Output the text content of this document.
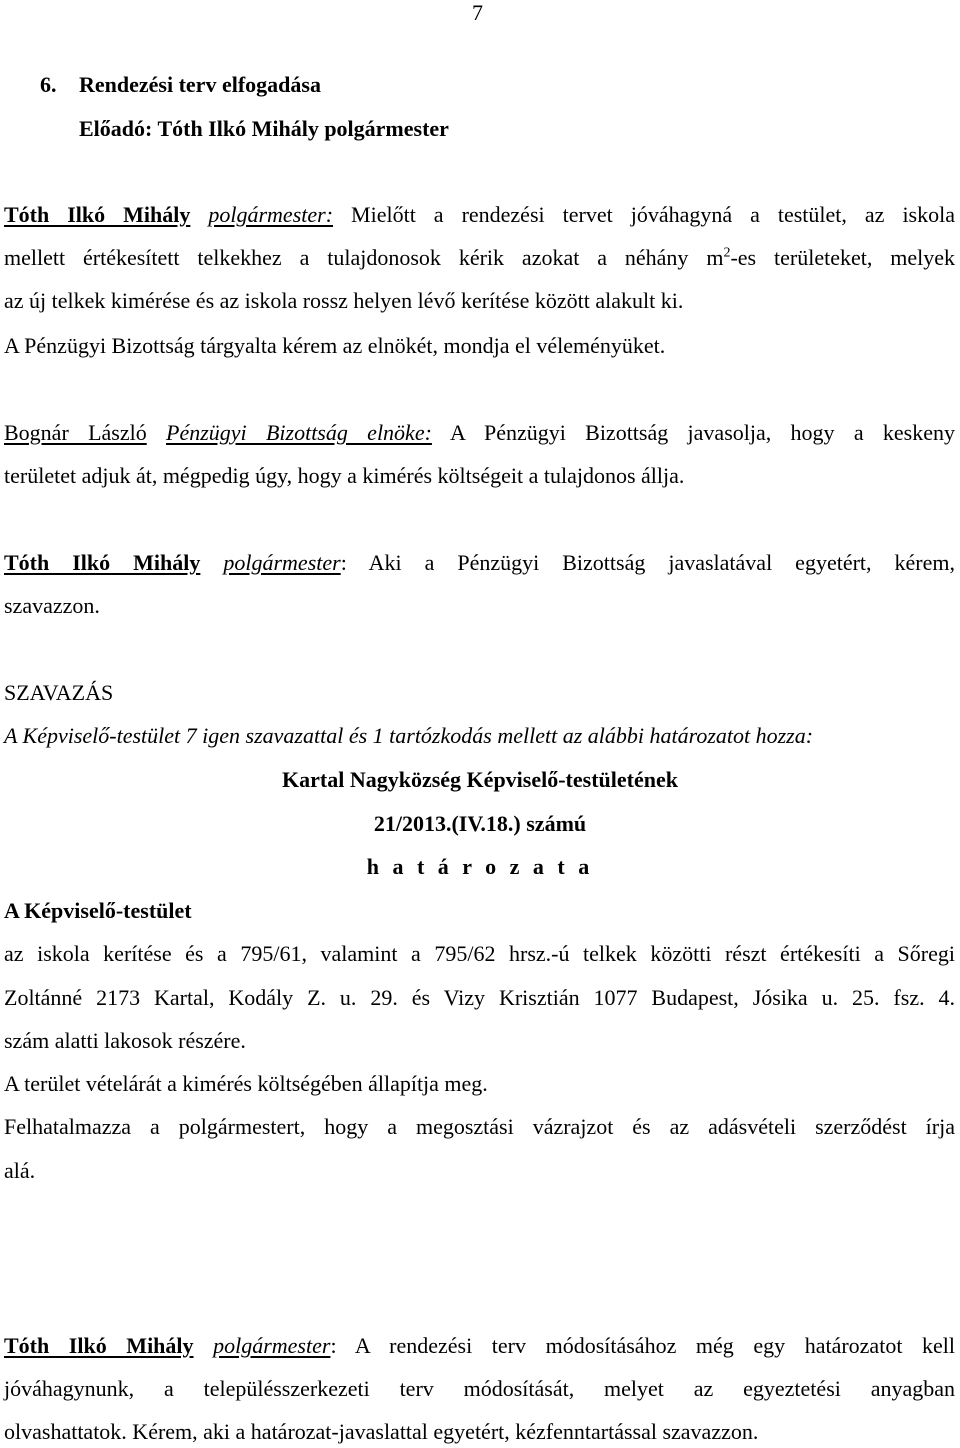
7
6. Rendezési terv elfogadása
Előadó: Tóth Ilkó Mihály polgármester
Tóth Ilkó Mihály polgármester: Mielőtt a rendezési tervet jóváhagyná a testület, az iskola
mellett értékesített telkekhez a tulajdonosok kérik azokat a néhány $m^2-es$ területeket, melyek
az új telkek kimérése és az iskola rossz helyen lévő kerítése között alakult ki.
A Pénzügyi Bizottság tárgyalta kérem az elnökét, mondja el véleményüket.
Bognár László Pénzügyi Bizottság elnöke: A Pénzügyi Bizottság javasolja, hogy a keskeny
területet adjuk át, mégpedig úgy, hogy a kimérés költségeit a tulajdonos állja.
Tóth Ilkó Mihály polgármester: Aki a Pénzügyi Bizottság javaslatával egyetért, kérem,
szavazzon.
SZAVAZÁS
A Képviselő-testület 7 igen szavazattal és 1 tartózkodás mellett az alábbi határozatot hozza:
Kartal Nagyközség Képviselő-testületének
21/2013.(IV.18.) számú
h a t á r o z a t a
A Képviselő-testület
az iskola kerítése és a 795/61, valamint a 795/62 hrsz.-ú telkek közötti részt értékesíti a Sőregi
Zoltánné 2173 Kartal, Kodály Z. u. 29. és Vizy Krisztián 1077 Budapest, Jósika u. 25. fsz. 4.
szám alatti lakosok részére.
A terület vételárát a kimérés költségében állapítja meg.
Felhatalmazza a polgármestert, hogy a megosztási vázrajzot és az adásvételi szerződést írja
alá.
Tóth Ilkó Mihály polgármester: A rendezési terv módosításához még egy határozatot kell
jóváhagynunk, a településszerkezeti terv módosítását, melyet az egyeztetési anyagban
olvashattatok. Kérem, aki a határozat-javaslattal egyetért, kézfenntartással szavazzon.
